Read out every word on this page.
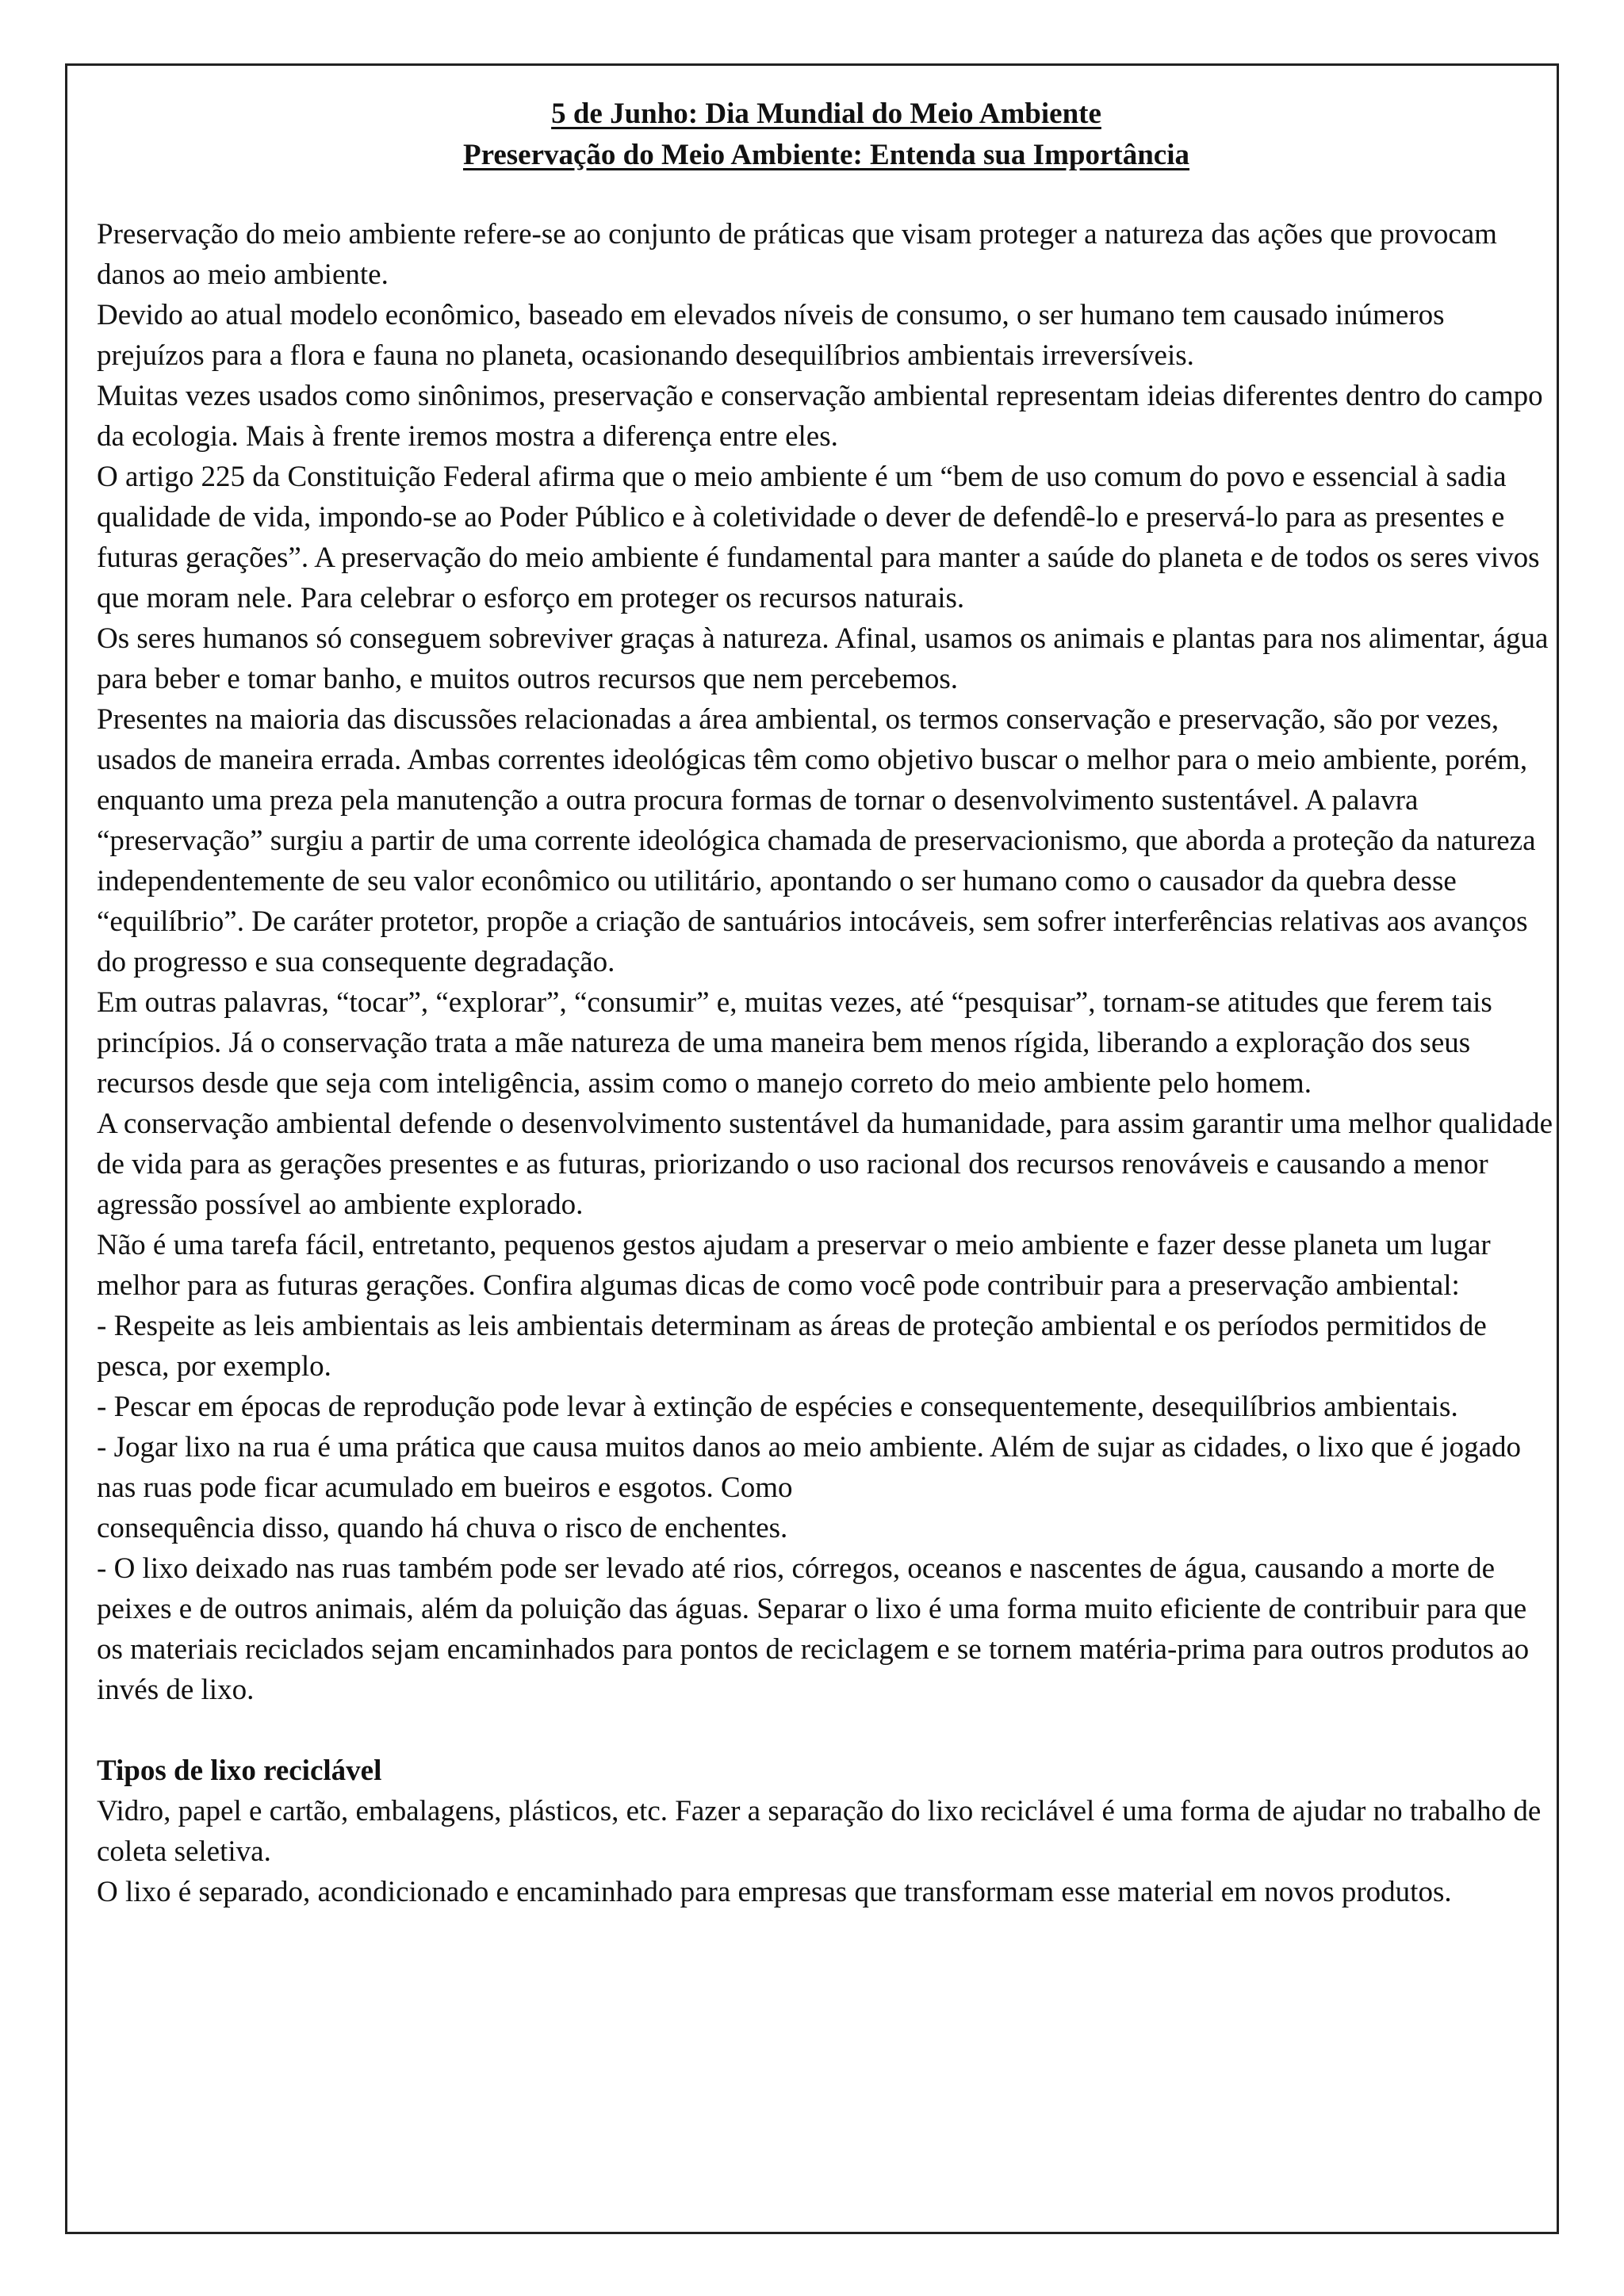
5 de Junho: Dia Mundial do Meio Ambiente

Preservação do Meio Ambiente: Entenda sua Importância

Preservação do meio ambiente refere-se ao conjunto de práticas que visam proteger a natureza das ações que provocam danos ao meio ambiente.

Devido ao atual modelo econômico, baseado em elevados níveis de consumo, o ser humano tem causado inúmeros prejuízos para a flora e fauna no planeta, ocasionando desequilíbrios ambientais irreversíveis.

Muitas vezes usados como sinônimos, preservação e conservação ambiental representam ideias diferentes dentro do campo da ecologia. Mais à frente iremos mostra a diferença entre eles.

O artigo 225 da Constituição Federal afirma que o meio ambiente é um “bem de uso comum do povo e essencial à sadia qualidade de vida, impondo-se ao Poder Público e à coletividade o dever de defendê-lo e preservá-lo para as presentes e futuras gerações”. A preservação do meio ambiente é fundamental para manter a saúde do planeta e de todos os seres vivos que moram nele. Para celebrar o esforço em proteger os recursos naturais.

Os seres humanos só conseguem sobreviver graças à natureza. Afinal, usamos os animais e plantas para nos alimentar, água para beber e tomar banho, e muitos outros recursos que nem percebemos.

Presentes na maioria das discussões relacionadas a área ambiental, os termos conservação e preservação, são por vezes, usados de maneira errada. Ambas correntes ideológicas têm como objetivo buscar o melhor para o meio ambiente, porém, enquanto uma preza pela manutenção a outra procura formas de tornar o desenvolvimento sustentável. A palavra “preservação” surgiu a partir de uma corrente ideológica chamada de preservacionismo, que aborda a proteção da natureza independentemente de seu valor econômico ou utilitário, apontando o ser humano como o causador da quebra desse “equilíbrio”. De caráter protetor, propõe a criação de santuários intocáveis, sem sofrer interferências relativas aos avanços do progresso e sua consequente degradação.

Em outras palavras, “tocar”, “explorar”, “consumir” e, muitas vezes, até “pesquisar”, tornam-se atitudes que ferem tais princípios. Já o conservação trata a mãe natureza de uma maneira bem menos rígida, liberando a exploração dos seus recursos desde que seja com inteligência, assim como o manejo correto do meio ambiente pelo homem.

A conservação ambiental defende o desenvolvimento sustentável da humanidade, para assim garantir uma melhor qualidade de vida para as gerações presentes e as futuras, priorizando o uso racional dos recursos renováveis e causando a menor agressão possível ao ambiente explorado.

Não é uma tarefa fácil, entretanto, pequenos gestos ajudam a preservar o meio ambiente e fazer desse planeta um lugar melhor para as futuras gerações. Confira algumas dicas de como você pode contribuir para a preservação ambiental:

- Respeite as leis ambientais as leis ambientais determinam as áreas de proteção ambiental e os períodos permitidos de pesca, por exemplo.

- Pescar em épocas de reprodução pode levar à extinção de espécies e consequentemente, desequilíbrios ambientais.

- Jogar lixo na rua é uma prática que causa muitos danos ao meio ambiente. Além de sujar as cidades, o lixo que é jogado nas ruas pode ficar acumulado em bueiros e esgotos. Como

consequência disso, quando há chuva o risco de enchentes.

- O lixo deixado nas ruas também pode ser levado até rios, córregos, oceanos e nascentes de água, causando a morte de peixes e de outros animais, além da poluição das águas. Separar o lixo é uma forma muito eficiente de contribuir para que os materiais reciclados sejam encaminhados para pontos de reciclagem e se tornem matéria-prima para outros produtos ao invés de lixo.

Tipos de lixo reciclável

Vidro, papel e cartão, embalagens, plásticos, etc. Fazer a separação do lixo reciclável é uma forma de ajudar no trabalho de coleta seletiva.

O lixo é separado, acondicionado e encaminhado para empresas que transformam esse material em novos produtos.
